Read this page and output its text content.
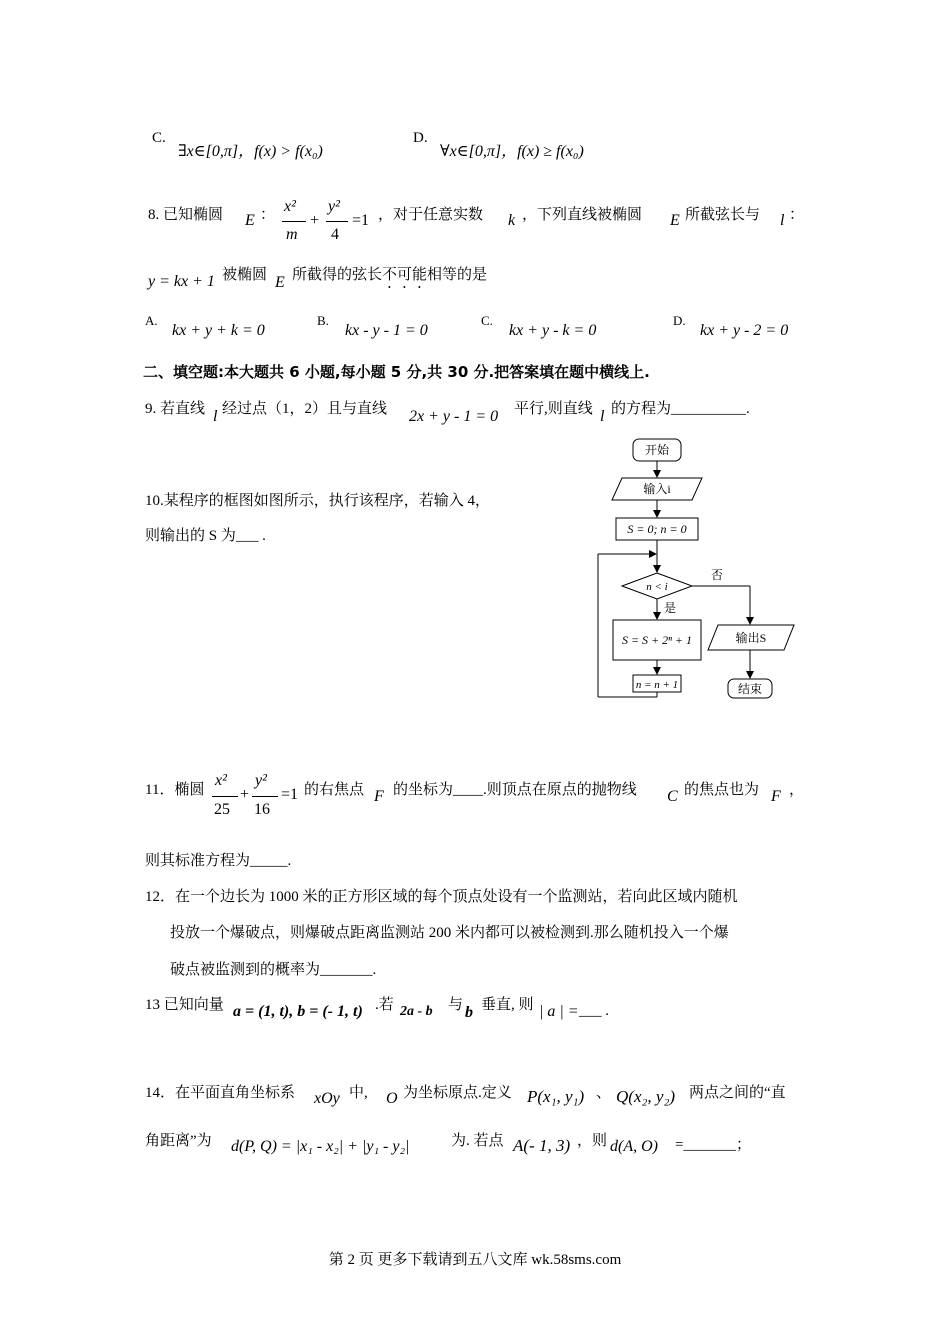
C.
∃x∈[0,π]，f(x) > f(x₀)
D.
∀x∈[0,π]，f(x) ≥ f(x₀)
8. 已知椭圆 E ： x²
m
+
y²
4
=1 ，对于任意实数 k ，下列直线被椭圆 E 所截弦长与 l ：
y = kx + 1 被椭圆 E 所截得的弦长 不可能 相等的是
A.
kx + y + k = 0
B.
kx - y - 1 = 0
C.
kx + y - k = 0
D.
kx + y - 2 = 0
二、填空题:本大题共 6 小题,每小题 5 分,共 30 分.把答案填在题中横线上.
9. 若直线 l 经过点（1，2）且与直线 2x + y - 1 = 0 平行,则直线 l 的方程为__________.
10.某程序的框图如图所示，执行该程序，若输入 4，
则输出的 S 为___ .
开始
输入i
S = 0; n = 0
n < i
是
否
S = S + 2ⁿ + 1
n = n + 1
输出S
结束
11．椭圆
x²
25
+
y²
16
=1 的右焦点 F 的坐标为____.则顶点在原点的抛物线 C 的焦点也为 F ，
则其标准方程为_____.
12．在一个边长为 1000 米的正方形区域的每个顶点处设有一个监测站，若向此区域内随机
投放一个爆破点，则爆破点距离监测站 200 米内都可以被检测到.那么随机投入一个爆
破点被监测到的概率为_______.
13 已知向量 a = (1, t), b = (- 1, t) .若 2a - b 与 b 垂直, 则 | a | = ___ .
14．在平面直角坐标系 xOy 中, O 为坐标原点.定义 P(x₁, y₁) 、 Q(x₂, y₂) 两点之间的“直
角距离”为 d(P, Q) = |x₁ - x₂| + |y₁ - y₂|	为. 若点 A(- 1, 3) ，则 d(A, O) =_______；
第 2 页 更多下载请到五八文库 wk.58sms.com
